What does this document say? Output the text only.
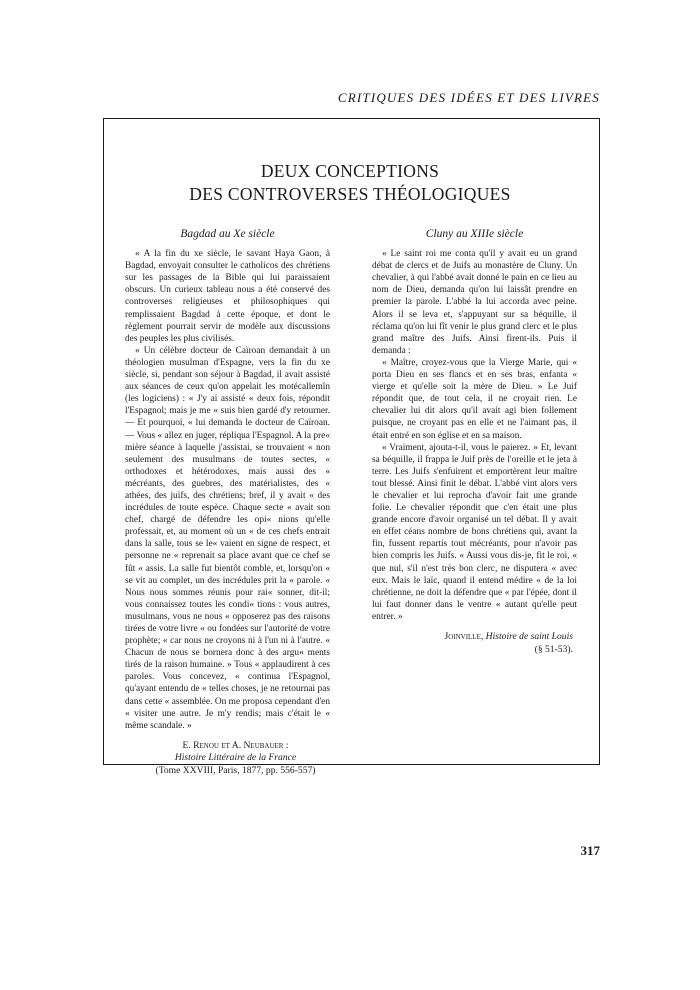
CRITIQUES DES IDÉES ET DES LIVRES
DEUX CONCEPTIONS
DES CONTROVERSES THÉOLOGIQUES
Bagdad au Xe siècle

« A la fin du xe siècle, le savant Haya Gaon, à Bagdad, envoyait consulter le catholicos des chrétiens sur les passages de la Bible qui lui paraissaient obscurs. Un curieux tableau nous a été conservé des controverses religieuses et philosophiques qui remplissaient Bagdad à cette époque, et dont le règlement pourrait servir de modèle aux discussions des peuples les plus civilisés.

« Un célèbre docteur de Caïroan demandait à un théologien musulman d'Espagne, vers la fin du xe siècle, si, pendant son séjour à Bagdad, il avait assisté aux séances de ceux qu'on appelait les motécallemîn (les logiciens) : « J'y ai assisté « deux fois, répondit l'Espagnol; mais je me « suis bien gardé d'y retourner. — Et pourquoi, « lui demanda le docteur de Caïroan. — Vous « allez en juger, répliqua l'Espagnol. A la pre« mière séance à laquelle j'assistai, se trouvaient « non seulement des musulmans de toutes sectes, « orthodoxes et hétérodoxes, mais aussi des « mécréants, des guebres, des matérialistes, des « athées, des juifs, des chrétiens; bref, il y avait « des incrédules de toute espèce. Chaque secte « avait son chef, chargé de défendre les opi« nions qu'elle professait, et, au moment où un « de ces chefs entrait dans la salle, tous se le« vaient en signe de respect, et personne ne « reprenait sa place avant que ce chef se fût « assis. La salle fut bientôt comble, et, lorsqu'on « se vit au complet, un des incrédules prit la « parole. « Nous nous sommes réunis pour rai« sonner, dit-il; vous connaissez toutes les condi« tions : vous autres, musulmans, vous ne nous « opposerez pas des raisons tirées de votre livre « ou fondées sur l'autorité de votre prophète; « car nous ne croyons ni à l'un ni à l'autre. « Chacun de nous se bornera donc à des argu« ments tirés de la raison humaine. » Tous « applaudirent à ces paroles. Vous concevez, « continua l'Espagnol, qu'ayant entendu de « telles choses, je ne retournai pas dans cette « assemblée. On me proposa cependant d'en « visiter une autre. Je m'y rendis; mais c'était le « même scandale. »

E. Renou et A. Neubauer :
Histoire Littéraire de la France
(Tome XXVIII, Paris, 1877, pp. 556-557)
Cluny au XIIIe siècle

« Le saint roi me conta qu'il y avait eu un grand débat de clercs et de Juifs au monastère de Cluny. Un chevalier, à qui l'abbé avait donné le pain en ce lieu au nom de Dieu, demanda qu'on lui laissât prendre en premier la parole. L'abbé la lui accorda avec peine. Alors il se leva et, s'appuyant sur sa béquille, il réclama qu'on lui fît venir le plus grand clerc et le plus grand maître des Juifs. Ainsi firent-ils. Puis il demanda :

« Maître, croyez-vous que la Vierge Marie, qui « porta Dieu en ses flancs et en ses bras, enfanta « vierge et qu'elle soit la mère de Dieu. » Le Juif répondit que, de tout cela, il ne croyait rien. Le chevalier lui dit alors qu'il avait agi bien follement puisque, ne croyant pas en elle et ne l'aimant pas, il était entré en son église et en sa maison.

« Vraiment, ajouta-t-il, vous le paierez. » Et, levant sa béquille, il frappa le Juif près de l'oreille et le jeta à terre. Les Juifs s'enfuirent et emportèrent leur maître tout blessé. Ainsi finit le débat. L'abbé vint alors vers le chevalier et lui reprocha d'avoir fait une grande folie. Le chevalier répondit que c'en était une plus grande encore d'avoir organisé un tel débat. Il y avait en effet céans nombre de bons chrétiens qui, avant la fin, fussent repartis tout mécréants, pour n'avoir pas bien compris les Juifs. « Aussi vous dis-je, fit le roi, « que nul, s'il n'est très bon clerc, ne disputera « avec eux. Mais le laïc, quand il entend médire « de la loi chrétienne, ne doit la défendre que « par l'épée, dont il lui faut donner dans le ventre « autant qu'elle peut entrer. »

Joinville, Histoire de saint Louis
(§ 51-53).
317
